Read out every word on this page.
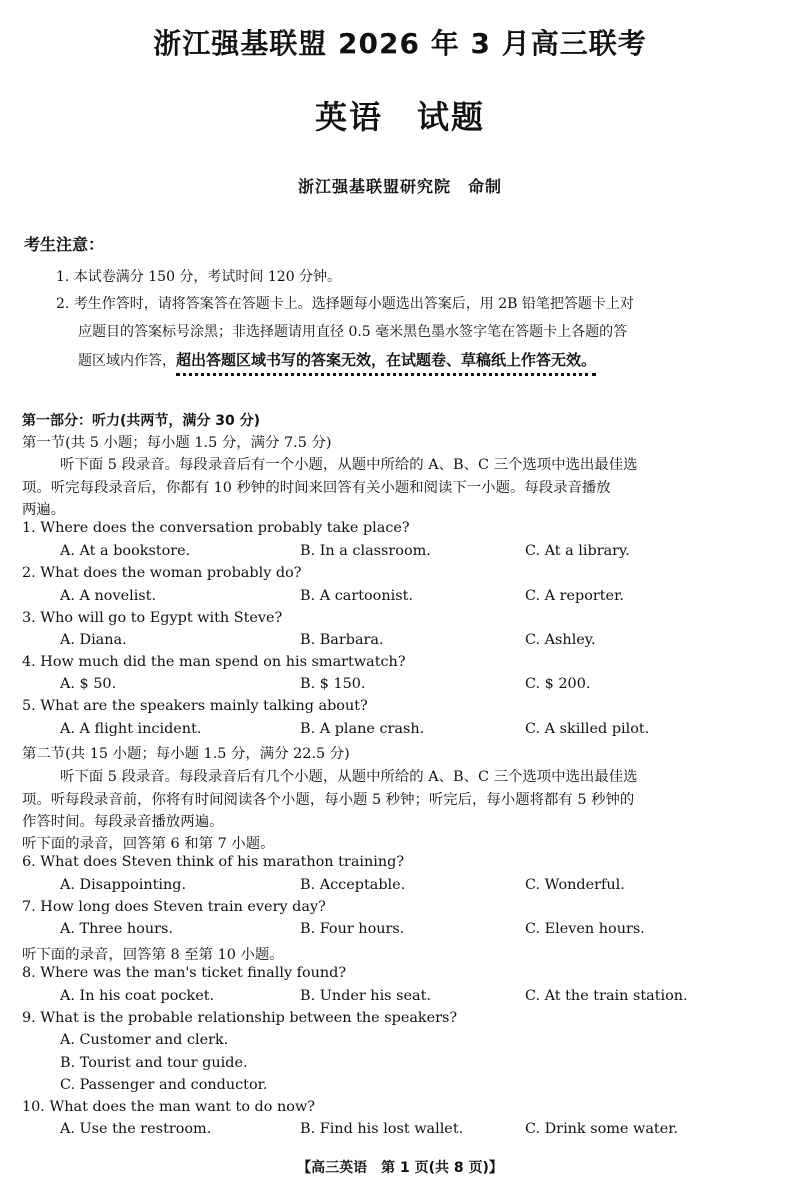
浙江强基联盟 2026 年 3 月高三联考
英语　试题
浙江强基联盟研究院　命制
考生注意：
1. 本试卷满分 150 分，考试时间 120 分钟。
2. 考生作答时，请将答案答在答题卡上。选择题每小题选出答案后，用 2B 铅笔把答题卡上对
应题目的答案标号涂黑；非选择题请用直径 0.5 毫米黑色墨水签字笔在答题卡上各题的答
题区域内作答，超出答题区域书写的答案无效，在试题卷、草稿纸上作答无效。
第一部分：听力(共两节，满分 30 分)
第一节(共 5 小题；每小题 1.5 分，满分 7.5 分)
听下面 5 段录音。每段录音后有一个小题，从题中所给的 A、B、C 三个选项中选出最佳选
项。听完每段录音后，你都有 10 秒钟的时间来回答有关小题和阅读下一小题。每段录音播放
两遍。
1. Where does the conversation probably take place?
A. At a bookstore.	B. In a classroom.	C. At a library.
2. What does the woman probably do?
A. A novelist.	B. A cartoonist.	C. A reporter.
3. Who will go to Egypt with Steve?
A. Diana.	B. Barbara.	C. Ashley.
4. How much did the man spend on his smartwatch?
A. $ 50.	B. $ 150.	C. $ 200.
5. What are the speakers mainly talking about?
A. A flight incident.	B. A plane crash.	C. A skilled pilot.
第二节(共 15 小题；每小题 1.5 分，满分 22.5 分)
听下面 5 段录音。每段录音后有几个小题，从题中所给的 A、B、C 三个选项中选出最佳选
项。听每段录音前，你将有时间阅读各个小题，每小题 5 秒钟；听完后，每小题将都有 5 秒钟的
作答时间。每段录音播放两遍。
听下面的录音，回答第 6 和第 7 小题。
6. What does Steven think of his marathon training?
A. Disappointing.	B. Acceptable.	C. Wonderful.
7. How long does Steven train every day?
A. Three hours.	B. Four hours.	C. Eleven hours.
听下面的录音，回答第 8 至第 10 小题。
8. Where was the man's ticket finally found?
A. In his coat pocket.	B. Under his seat.	C. At the train station.
9. What is the probable relationship between the speakers?
A. Customer and clerk.
B. Tourist and tour guide.
C. Passenger and conductor.
10. What does the man want to do now?
A. Use the restroom.	B. Find his lost wallet.	C. Drink some water.
【高三英语　第 1 页(共 8 页)】
